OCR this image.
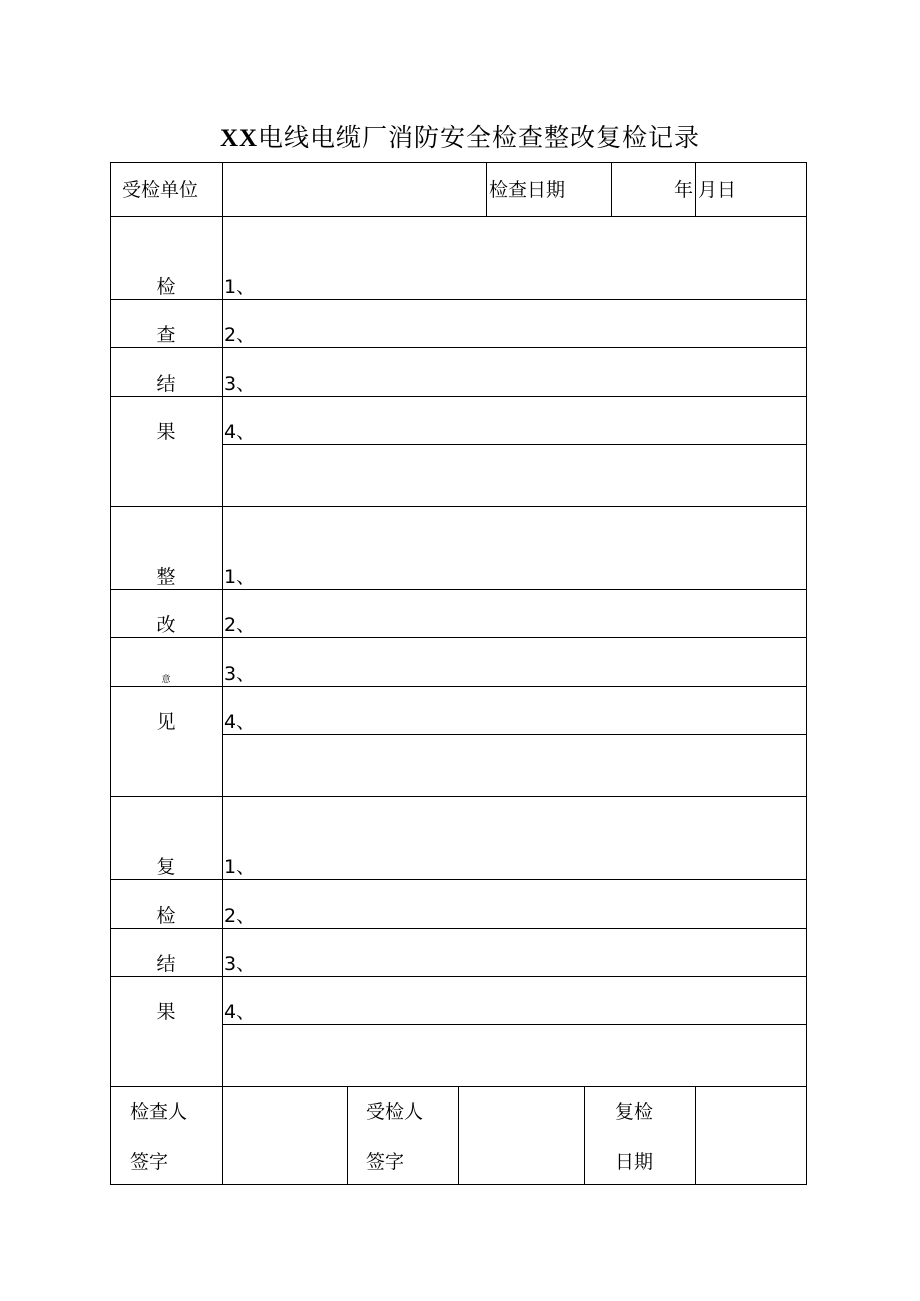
XX电线电缆厂消防安全检查整改复检记录
受检单位	检查日期	年 月日
检
查
结
果
1、
2、
3、
4、
整
改
意
见
1、
2、
3、
4、
复
检
结
果
1、
2、
3、
4、
检查人
签字
受检人
签字
复检
日期
